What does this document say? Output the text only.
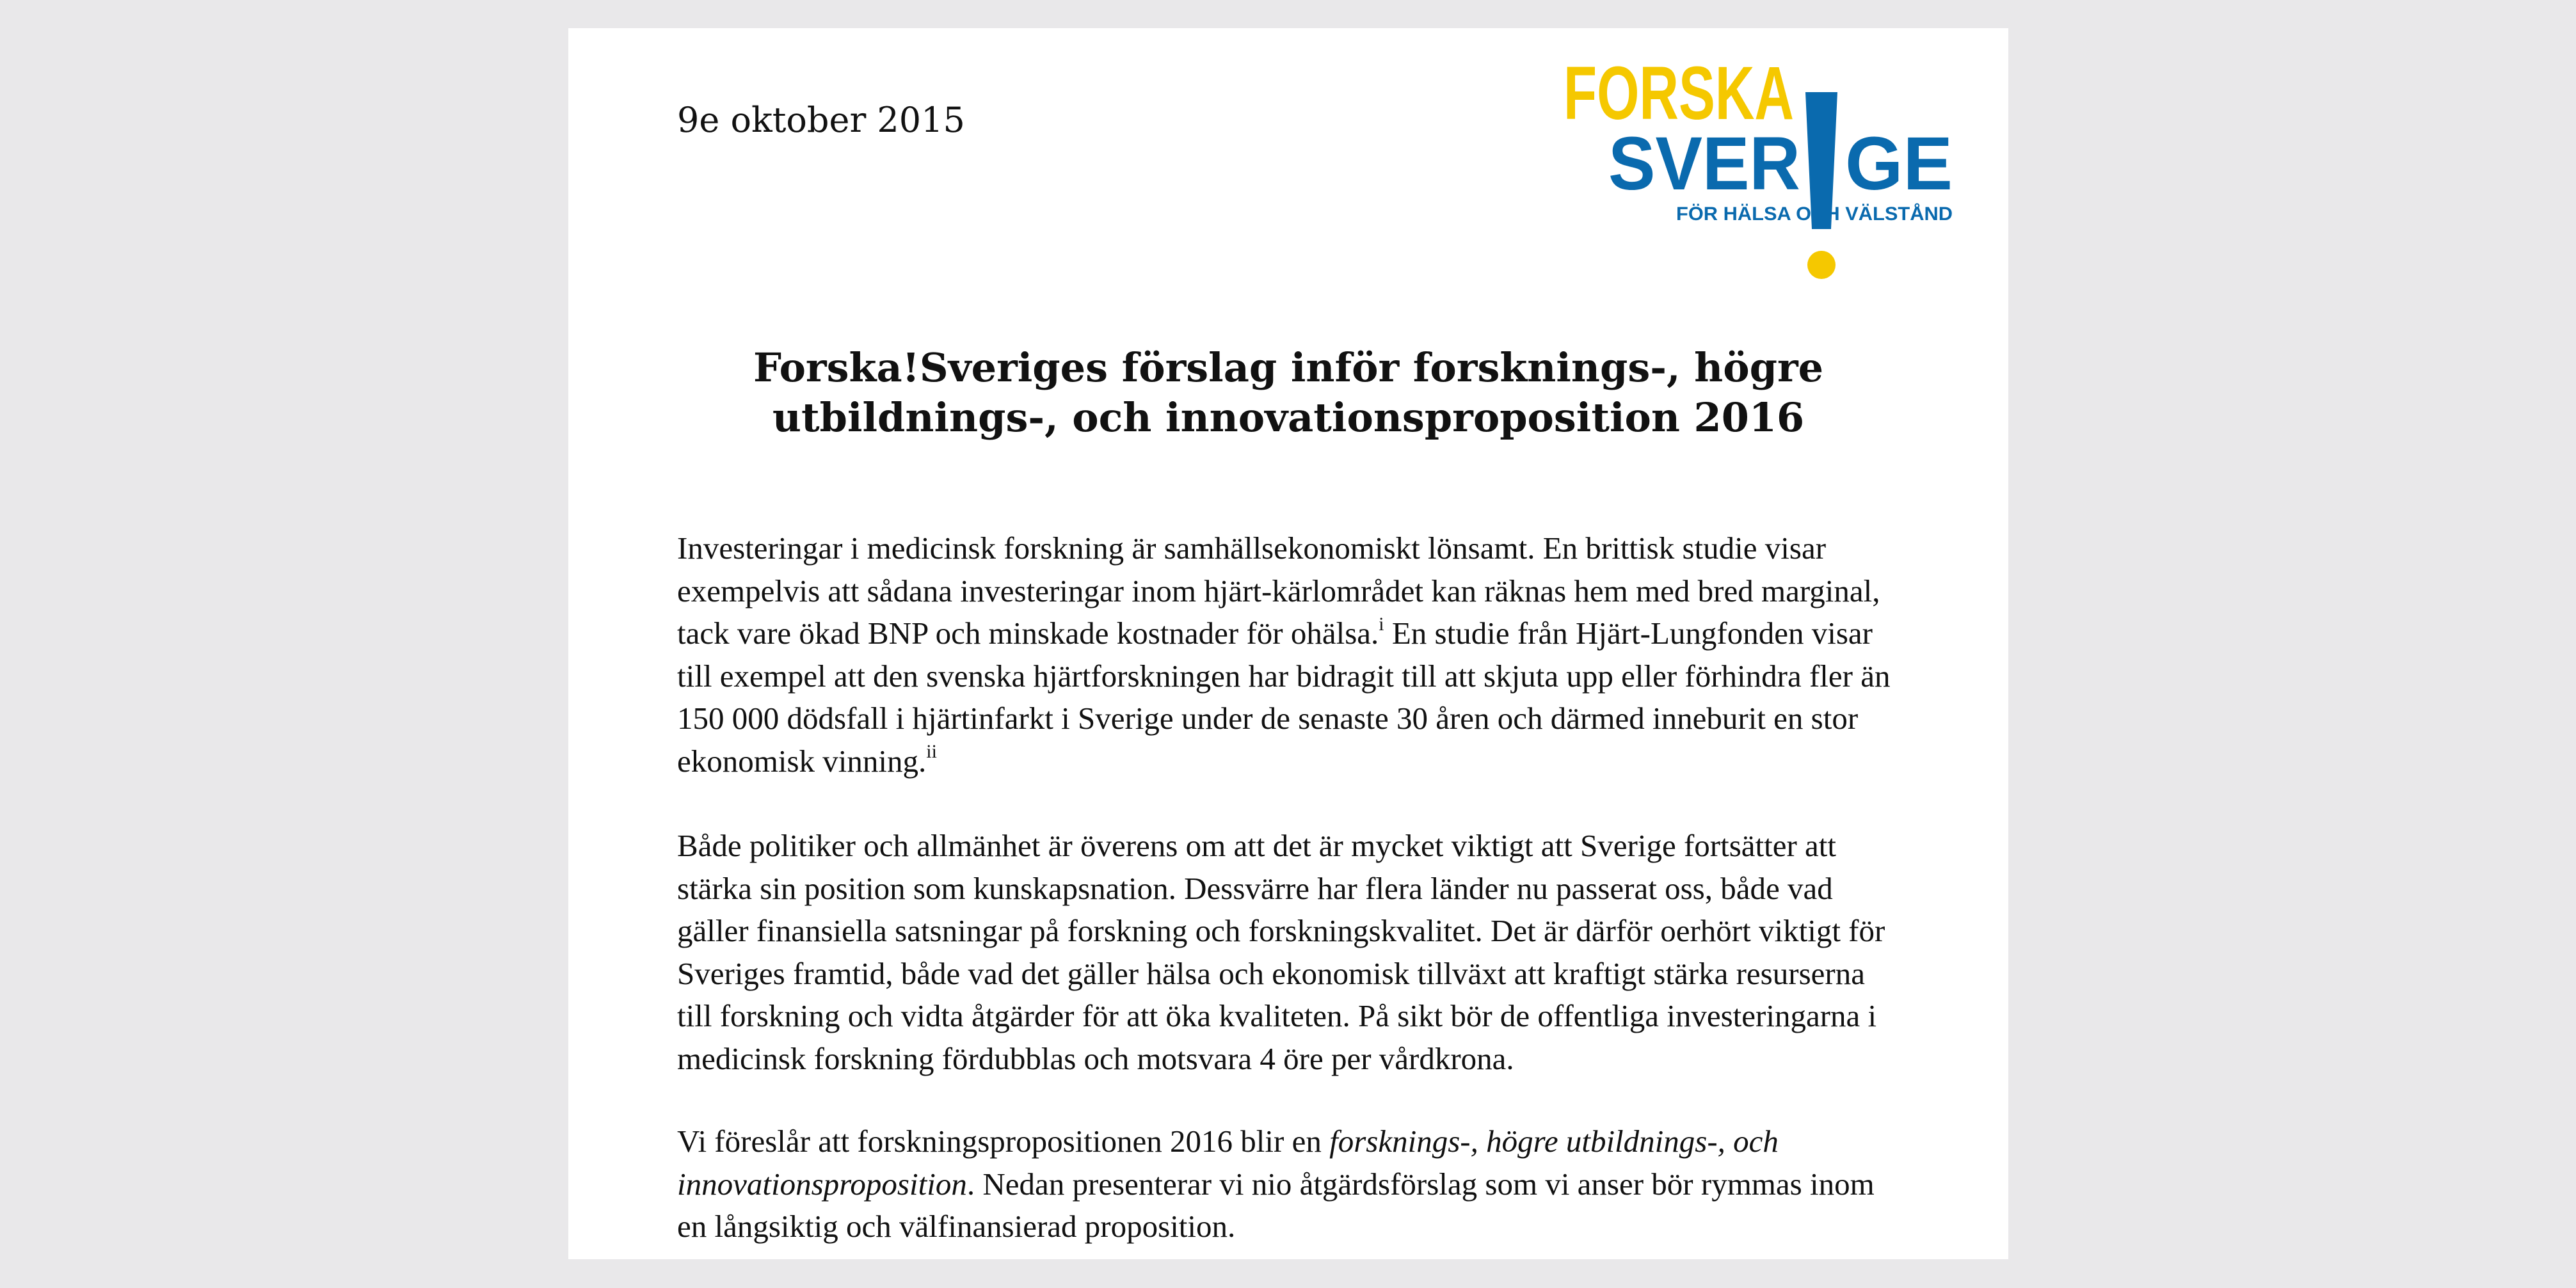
9e oktober 2015	FORSKA
SVER GE
FÖR HÄLSA OCH VÄLSTÅND
Forska!Sveriges förslag inför forsknings-, högre
utbildnings-, och innovationsproposition 2016

Investeringar i medicinsk forskning är samhällsekonomiskt lönsamt. En brittisk studie visar exempelvis att sådana investeringar inom hjärt-kärlområdet kan räknas hem med bred marginal, tack vare ökad BNP och minskade kostnader för ohälsa.$^i$ En studie från Hjärt-Lungfonden visar till exempel att den svenska hjärtforskningen har bidragit till att skjuta upp eller förhindra fler än 150 000 dödsfall i hjärtinfarkt i Sverige under de senaste 30 åren och därmed inneburit en stor ekonomisk vinning.$^{ii}$

Både politiker och allmänhet är överens om att det är mycket viktigt att Sverige fortsätter att stärka sin position som kunskapsnation. Dessvärre har flera länder nu passerat oss, både vad gäller finansiella satsningar på forskning och forskningskvalitet. Det är därför oerhört viktigt för Sveriges framtid, både vad det gäller hälsa och ekonomisk tillväxt att kraftigt stärka resurserna till forskning och vidta åtgärder för att öka kvaliteten. På sikt bör de offentliga investeringarna i medicinsk forskning fördubblas och motsvara 4 öre per vårdkrona.

Vi föreslår att forskningspropositionen 2016 blir en forsknings-, högre utbildnings-, och innovationsproposition. Nedan presenterar vi nio åtgärdsförslag som vi anser bör rymmas inom en långsiktig och välfinansierad proposition.
